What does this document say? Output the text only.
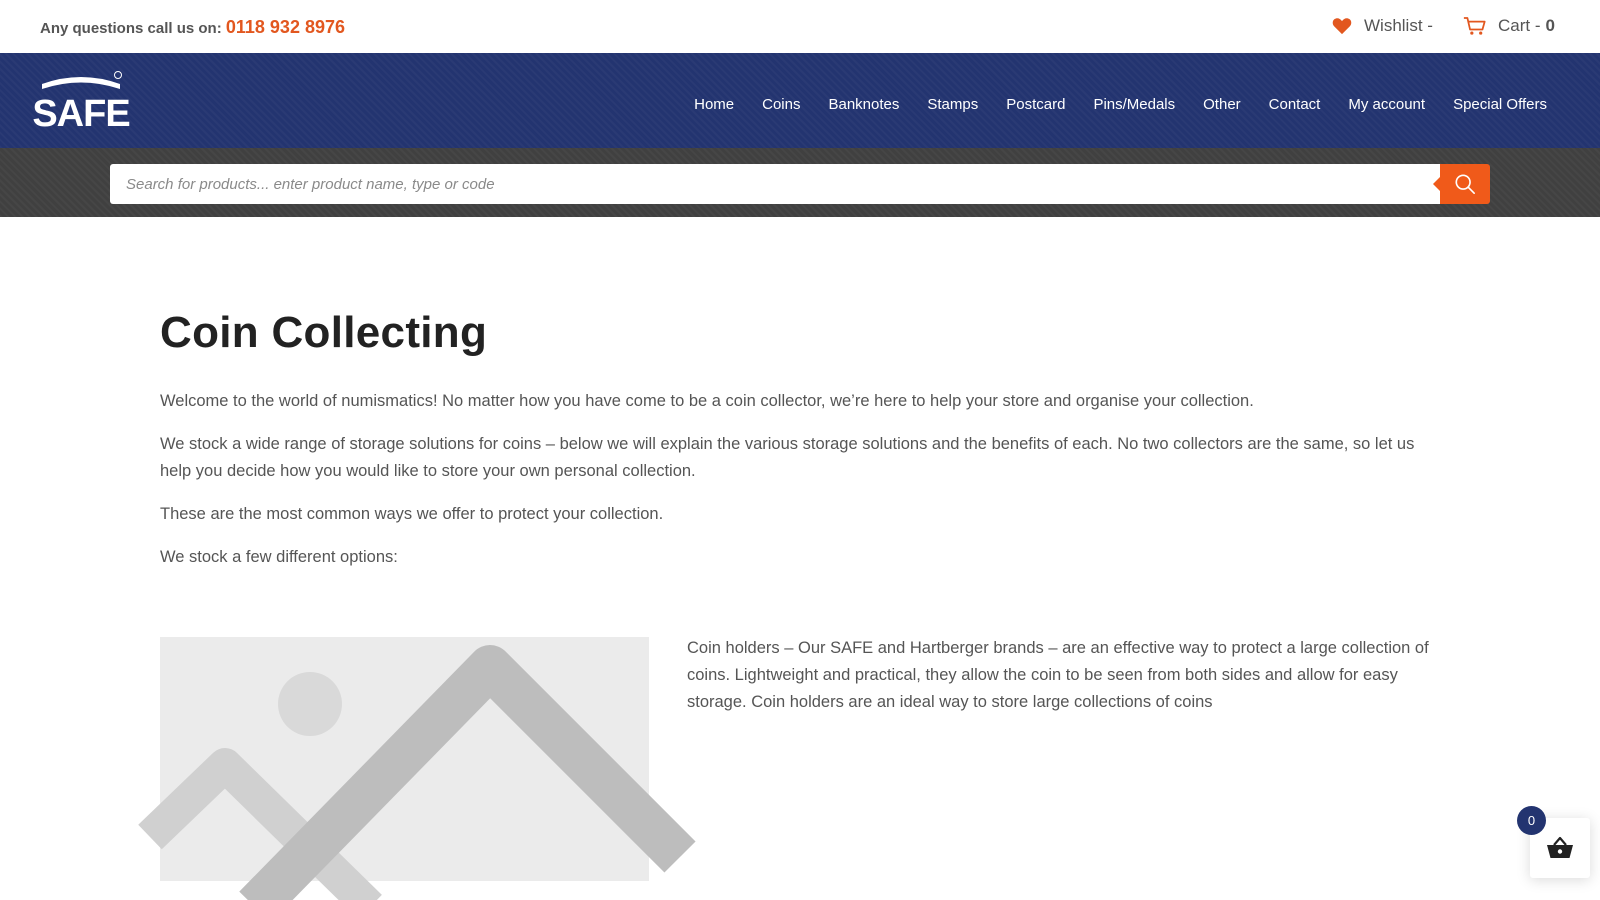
Any questions call us on: 0118 932 8976	Wishlist -	Cart - 0
SAFE	Home Coins Banknotes Stamps Postcard Pins/Medals Other Contact My account Special Offers
Search for products... enter product name, type or code
Coin Collecting

Welcome to the world of numismatics! No matter how you have come to be a coin collector, we’re here to help your store and organise your collection.

We stock a wide range of storage solutions for coins – below we will explain the various storage solutions and the benefits of each. No two collectors are the same, so let us help you decide how you would like to store your own personal collection.

These are the most common ways we offer to protect your collection.

We stock a few different options:

Coin holders – Our SAFE and Hartberger brands – are an effective way to protect a large collection of coins. Lightweight and practical, they allow the coin to be seen from both sides and allow for easy storage. Coin holders are an ideal way to store large collections of coins

0
